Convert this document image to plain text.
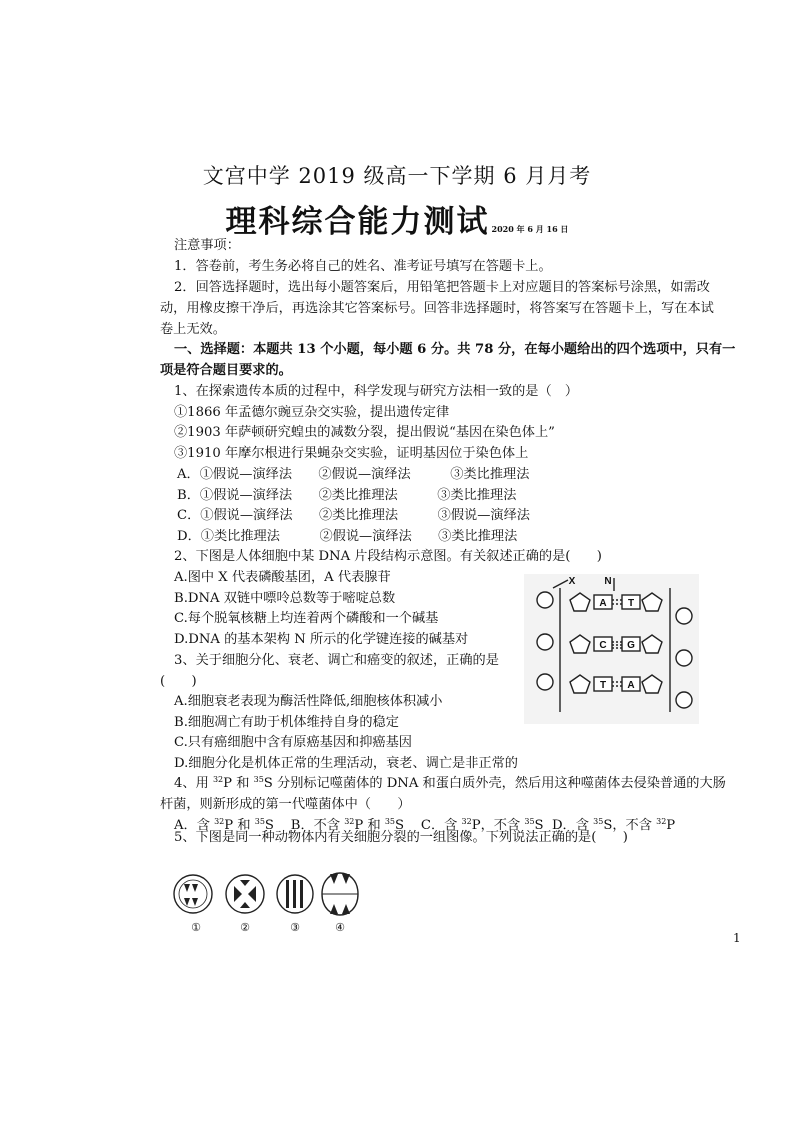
文宫中学 2019 级高一下学期 6 月月考
理科综合能力测试 2020 年 6 月 16 日
注意事项：
1．答卷前，考生务必将自己的姓名、准考证号填写在答题卡上。
2．回答选择题时，选出每小题答案后，用铅笔把答题卡上对应题目的答案标号涂黑，如需改
动，用橡皮擦干净后，再选涂其它答案标号。回答非选择题时，将答案写在答题卡上，写在本试
卷上无效。
一、选择题：本题共 13 个小题，每小题 6 分。共 78 分，在每小题给出的四个选项中，只有一
项是符合题目要求的。
1、在探索遗传本质的过程中，科学发现与研究方法相一致的是（　）
①1866 年孟德尔豌豆杂交实验，提出遗传定律
②1903 年萨顿研究蝗虫的减数分裂，提出假说“基因在染色体上”
③1910 年摩尔根进行果蝇杂交实验，证明基因位于染色体上
A．①假说—演绎法　　②假说—演绎法　　　③类比推理法
B．①假说—演绎法　　②类比推理法　　　③类比推理法
C．①假说—演绎法　　②类比推理法　　　③假说—演绎法
D．①类比推理法　　　②假说—演绎法　　③类比推理法
2、下图是人体细胞中某 DNA 片段结构示意图。有关叙述正确的是(　　)
A.图中 X 代表磷酸基团，A 代表腺苷
B.DNA 双链中嘌呤总数等于嘧啶总数
C.每个脱氧核糖上均连着两个磷酸和一个碱基
D.DNA 的基本架构 N 所示的化学键连接的碱基对
X	N
A T
C G
T A
3、关于细胞分化、衰老、调亡和癌变的叙述，正确的是
(　　)
A.细胞衰老表现为酶活性降低,细胞核体积减小
B.细胞凋亡有助于机体维持自身的稳定
C.只有癌细胞中含有原癌基因和抑癌基因
D.细胞分化是机体正常的生理活动，衰老、调亡是非正常的
4、用 $^{32}$P 和 $^{35}$S 分别标记噬菌体的 DNA 和蛋白质外壳，然后用这种噬菌体去侵染普通的大肠
杆菌，则新形成的第一代噬菌体中（　　）
A．含 $^{32}$P 和 $^{35}$S B．不含 $^{32}$P 和 $^{35}$S C．含 $^{32}$P，不含 $^{35}$S D．含 $^{35}$S，不含 $^{32}$P
5、下图是同一种动物体内有关细胞分裂的一组图像。下列说法正确的是(　　)
①	②	③	④
1
